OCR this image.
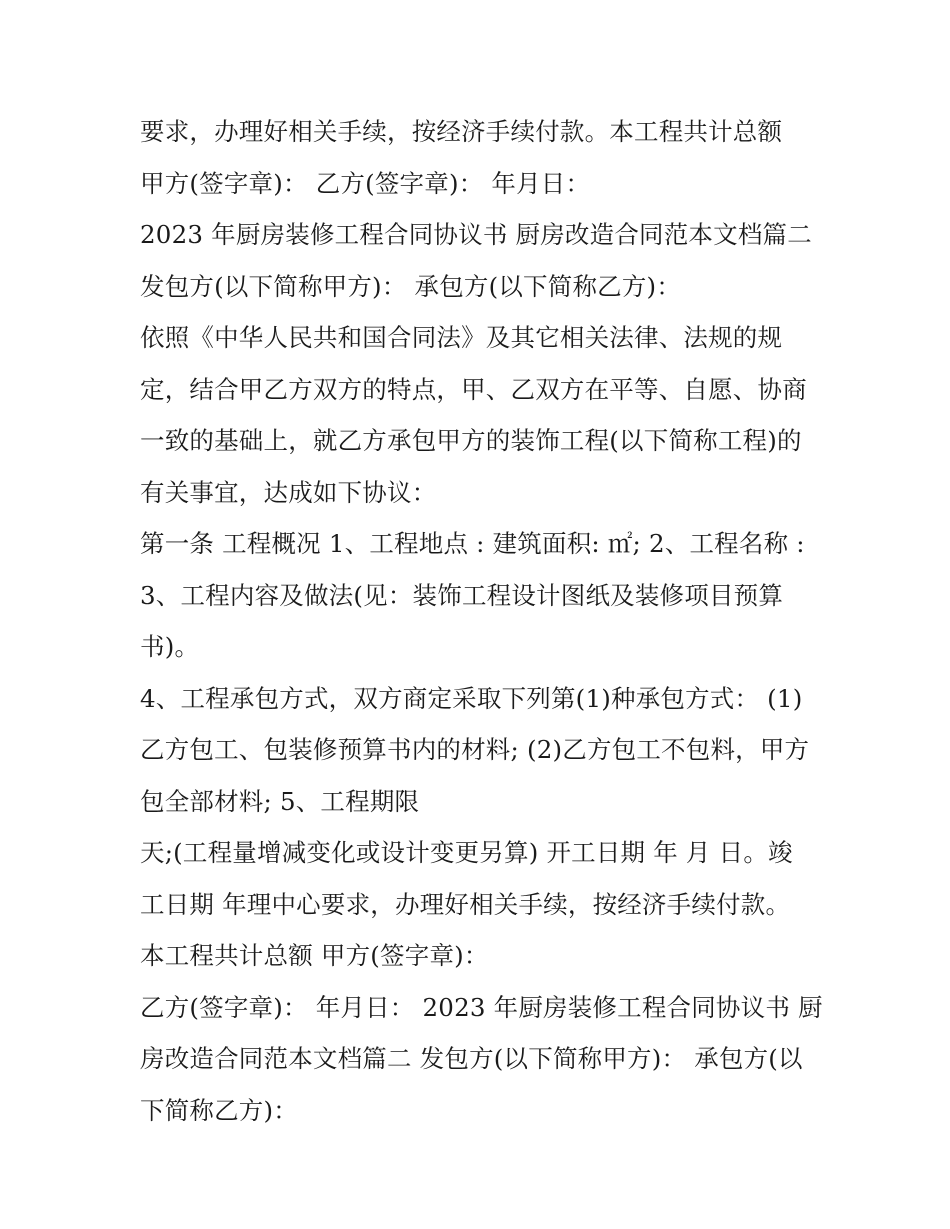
要求，办理好相关手续，按经济手续付款。本工程共计总额
甲方(签字章)： 乙方(签字章)： 年月日：
2023 年厨房装修工程合同协议书 厨房改造合同范本文档篇二
发包方(以下简称甲方)： 承包方(以下简称乙方)：
依照《中华人民共和国合同法》及其它相关法律、法规的规
定，结合甲乙方双方的特点，甲、乙双方在平等、自愿、协商
一致的基础上，就乙方承包甲方的装饰工程(以下简称工程)的
有关事宜，达成如下协议：
第一条 工程概况 1、工程地点 : 建筑面积: ㎡; 2、工程名称 :
3、工程内容及做法(见：装饰工程设计图纸及装修项目预算
书)。
4、工程承包方式，双方商定采取下列第(1)种承包方式： (1)
乙方包工、包装修预算书内的材料; (2)乙方包工不包料，甲方
包全部材料; 5、工程期限
天;(工程量增减变化或设计变更另算) 开工日期 年 月 日。竣
工日期 年理中心要求，办理好相关手续，按经济手续付款。
本工程共计总额 甲方(签字章)：
乙方(签字章)： 年月日： 2023 年厨房装修工程合同协议书 厨
房改造合同范本文档篇二 发包方(以下简称甲方)： 承包方(以
下简称乙方)：
